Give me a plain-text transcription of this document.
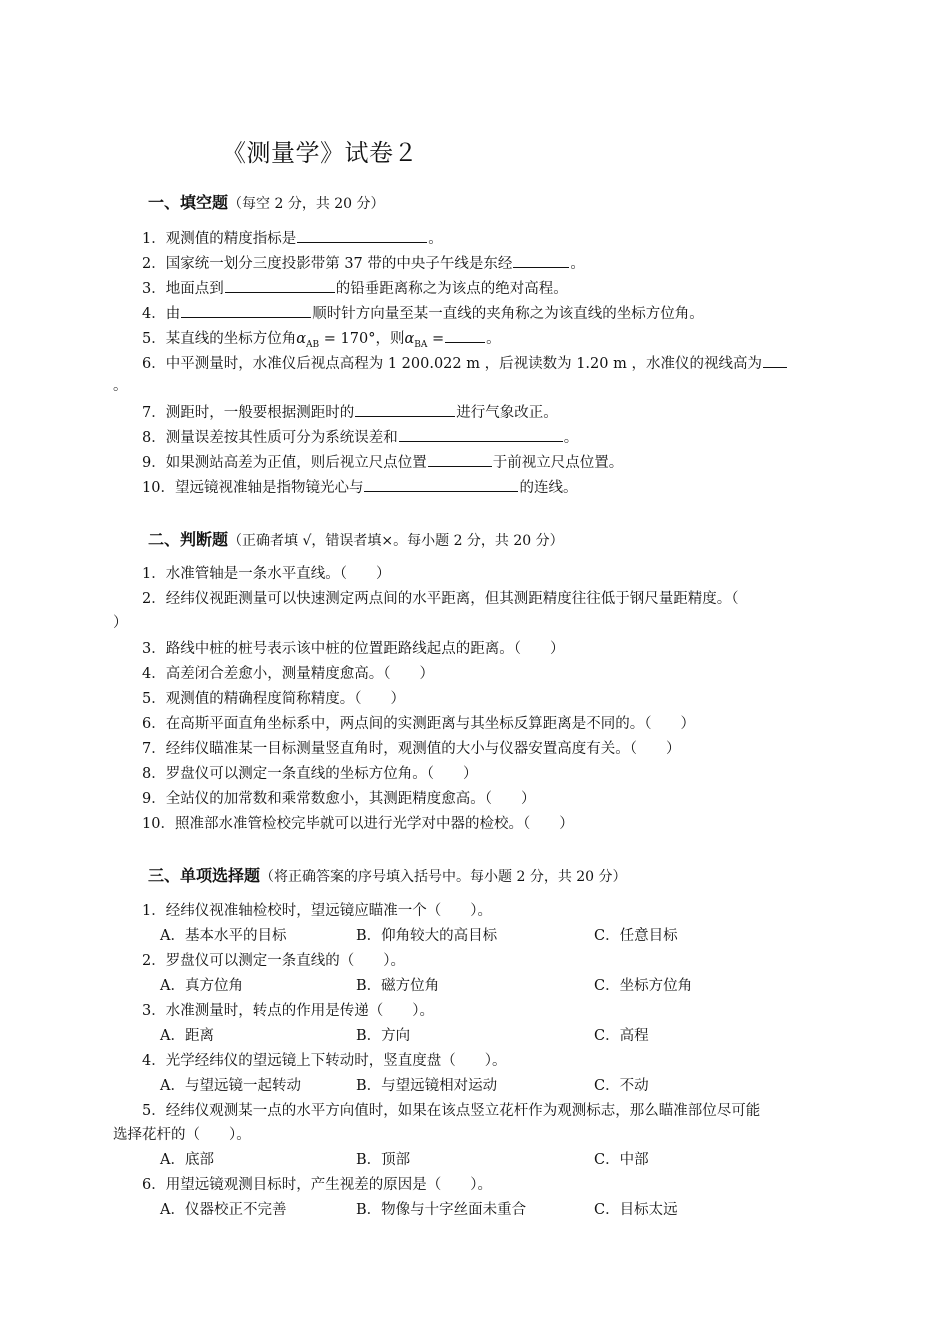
《测量学》试卷２
一、填空题（每空 2 分，共 20 分）
1．观测值的精度指标是	。
2．国家统一划分三度投影带第 37 带的中央子午线是东经	。
3．地面点到	的铅垂距离称之为该点的绝对高程。
4．由	顺时针方向量至某一直线的夹角称之为该直线的坐标方位角。
5．某直线的坐标方位角$\alpha_{AB} = 170^\circ$，则$\alpha_{BA}$ =	。
6．中平测量时，水准仪后视点高程为 1 200.022 m ，后视读数为 1.20 m ，水准仪的视线高为
。
7．测距时，一般要根据测距时的	进行气象改正。
8．测量误差按其性质可分为系统误差和	。
9．如果测站高差为正值，则后视立尺点位置	于前视立尺点位置。
10．望远镜视准轴是指物镜光心与	的连线。
二、判断题（正确者填 √，错误者填×。每小题 2 分，共 20 分）
1．水准管轴是一条水平直线。（　　）
2．经纬仪视距测量可以快速测定两点间的水平距离，但其测距精度往往低于钢尺量距精度。（
）
3．路线中桩的桩号表示该中桩的位置距路线起点的距离。（　　）
4．高差闭合差愈小，测量精度愈高。（　　）
5．观测值的精确程度简称精度。（　　）
6．在高斯平面直角坐标系中，两点间的实测距离与其坐标反算距离是不同的。（　　）
7．经纬仪瞄准某一目标测量竖直角时，观测值的大小与仪器安置高度有关。（　　）
8．罗盘仪可以测定一条直线的坐标方位角。（　　）
9．全站仪的加常数和乘常数愈小，其测距精度愈高。（　　）
10．照准部水准管检校完毕就可以进行光学对中器的检校。（　　）
三、单项选择题（将正确答案的序号填入括号中。每小题 2 分，共 20 分）
1．经纬仪视准轴检校时，望远镜应瞄准一个（　　）。
A．基本水平的目标	B．仰角较大的高目标	C．任意目标
2．罗盘仪可以测定一条直线的（　　）。
A．真方位角	B．磁方位角	C．坐标方位角
3．水准测量时，转点的作用是传递（　　）。
A．距离	B．方向	C．高程
4．光学经纬仪的望远镜上下转动时，竖直度盘（　　）。
A．与望远镜一起转动	B．与望远镜相对运动	C．不动
5．经纬仪观测某一点的水平方向值时，如果在该点竖立花杆作为观测标志，那么瞄准部位尽可能
选择花杆的（　　）。
A．底部	B．顶部	C．中部
6．用望远镜观测目标时，产生视差的原因是（　　）。
A．仪器校正不完善	B．物像与十字丝面未重合	C．目标太远
